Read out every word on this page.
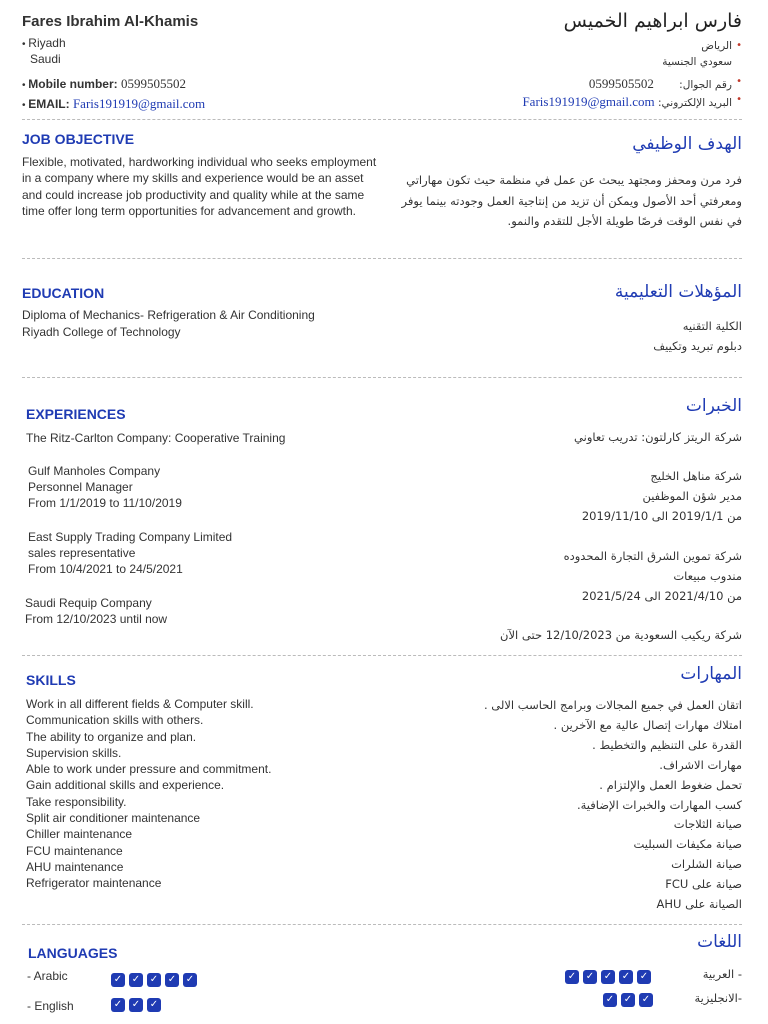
Fares Ibrahim Al-Khamis	فارس ابراهيم الخميس
• Riyadh
Saudi
• Mobile number: 0599505502
• EMAIL: Faris191919@gmail.com
• الرياض
سعودي الجنسية
• رقم الجوال: 0599505502
• البريد الإلكتروني: Faris191919@gmail.com
JOB OBJECTIVE	الهدف الوظيفي
Flexible, motivated, hardworking individual who seeks employment in a company where my skills and experience would be an asset and could increase job productivity and quality while at the same time offer long term opportunities for advancement and growth.
فرد مرن ومحفز ومجتهد يبحث عن عمل في منظمة حيث تكون مهاراتي ومعرفتي أحد الأصول ويمكن أن تزيد من إنتاجية العمل وجودته بينما يوفر في نفس الوقت فرصًا طويلة الأجل للتقدم والنمو.
EDUCATION	المؤهلات التعليمية
Diploma of Mechanics- Refrigeration & Air Conditioning
Riyadh College of Technology	الكلية التقنيه
دبلوم تبريد وتكييف
EXPERIENCES	الخبرات
The Ritz-Carlton Company: Cooperative Training	شركة الريتز كارلتون: تدريب تعاوني
Gulf Manholes Company
Personnel Manager
From 1/1/2019 to 11/10/2019
شركة مناهل الخليج
مدير شؤن الموظفين
من 2019/1/1 الى 2019/11/10
East Supply Trading Company Limited
sales representative
From 10/4/2021 to 24/5/2021
شركة تموين الشرق التجارة المحدوده
مندوب مبيعات
من 2021/4/10 الى 2021/5/24
Saudi Requip Company
From 12/10/2023 until now
شركة ريكيب السعودية من 12/10/2023 حتى الآن
SKILLS	المهارات
Work in all different fields & Computer skill.
Communication skills with others.
The ability to organize and plan.
Supervision skills.
Able to work under pressure and commitment.
Gain additional skills and experience.
Take responsibility.
Split air conditioner maintenance
Chiller maintenance
FCU maintenance
AHU maintenance
Refrigerator maintenance
اتقان العمل في جميع المجالات وبرامج الحاسب الالى .
امتلاك مهارات إتصال عالية مع الآخرين .
القدرة على التنظيم والتخطيط .
مهارات الاشراف.
تحمل ضغوط العمل والإلتزام .
كسب المهارات والخبرات الإضافية.
صيانة الثلاجات
صيانة مكيفات السبليت
صيانة الشلرات
صيانة على FCU
الصيانة على AHU
LANGUAGES
اللغات
- Arabic	✓ ✓ ✓ ✓ ✓
- English	✓ ✓ ✓
- العربية
✓ ✓ ✓ ✓ ✓
-الانجليزية
✓ ✓ ✓
